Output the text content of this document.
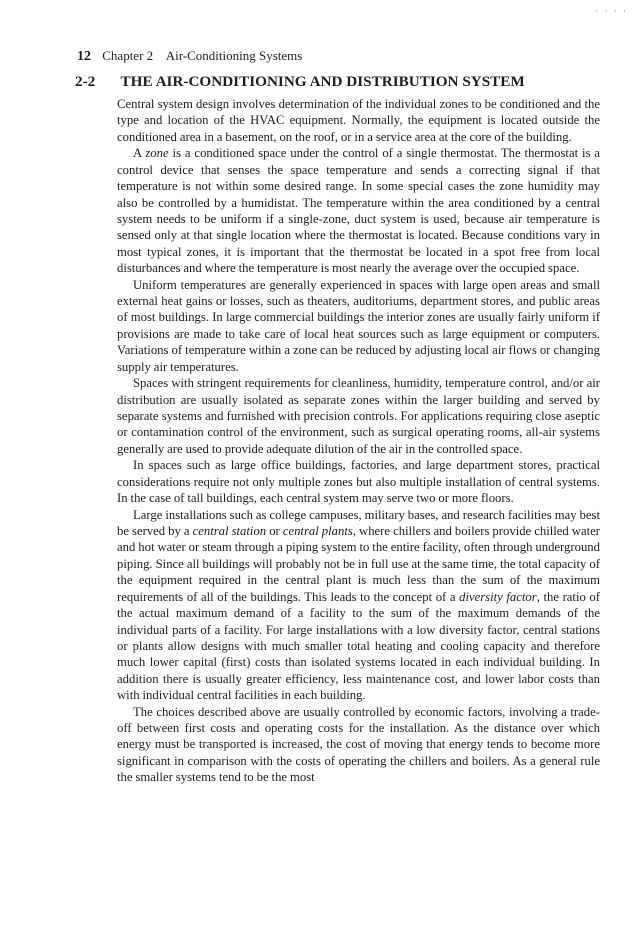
· · · ·
12 Chapter 2 Air-Conditioning Systems
2-2 THE AIR-CONDITIONING AND DISTRIBUTION SYSTEM

Central system design involves determination of the individual zones to be conditioned and the type and location of the HVAC equipment. Normally, the equipment is located outside the conditioned area in a basement, on the roof, or in a service area at the core of the building.

A zone is a conditioned space under the control of a single thermostat. The thermostat is a control device that senses the space temperature and sends a correcting signal if that temperature is not within some desired range. In some special cases the zone humidity may also be controlled by a humidistat. The temperature within the area conditioned by a central system needs to be uniform if a single-zone, duct system is used, because air temperature is sensed only at that single location where the thermostat is located. Because conditions vary in most typical zones, it is important that the thermostat be located in a spot free from local disturbances and where the temperature is most nearly the average over the occupied space.

Uniform temperatures are generally experienced in spaces with large open areas and small external heat gains or losses, such as theaters, auditoriums, department stores, and public areas of most buildings. In large commercial buildings the interior zones are usually fairly uniform if provisions are made to take care of local heat sources such as large equipment or computers. Variations of temperature within a zone can be reduced by adjusting local air flows or changing supply air temperatures.

Spaces with stringent requirements for cleanliness, humidity, temperature control, and/or air distribution are usually isolated as separate zones within the larger building and served by separate systems and furnished with precision controls. For applications requiring close aseptic or contamination control of the environment, such as surgical operating rooms, all-air systems generally are used to provide adequate dilution of the air in the controlled space.

In spaces such as large office buildings, factories, and large department stores, practical considerations require not only multiple zones but also multiple installation of central systems. In the case of tall buildings, each central system may serve two or more floors.

Large installations such as college campuses, military bases, and research facilities may best be served by a central station or central plants, where chillers and boilers provide chilled water and hot water or steam through a piping system to the entire facility, often through underground piping. Since all buildings will probably not be in full use at the same time, the total capacity of the equipment required in the central plant is much less than the sum of the maximum requirements of all of the buildings. This leads to the concept of a diversity factor, the ratio of the actual maximum demand of a facility to the sum of the maximum demands of the individual parts of a facility. For large installations with a low diversity factor, central stations or plants allow designs with much smaller total heating and cooling capacity and therefore much lower capital (first) costs than isolated systems located in each individual building. In addition there is usually greater efficiency, less maintenance cost, and lower labor costs than with individual central facilities in each building.

The choices described above are usually controlled by economic factors, involving a trade-off between first costs and operating costs for the installation. As the distance over which energy must be transported is increased, the cost of moving that energy tends to become more significant in comparison with the costs of operating the chillers and boilers. As a general rule the smaller systems tend to be the most
